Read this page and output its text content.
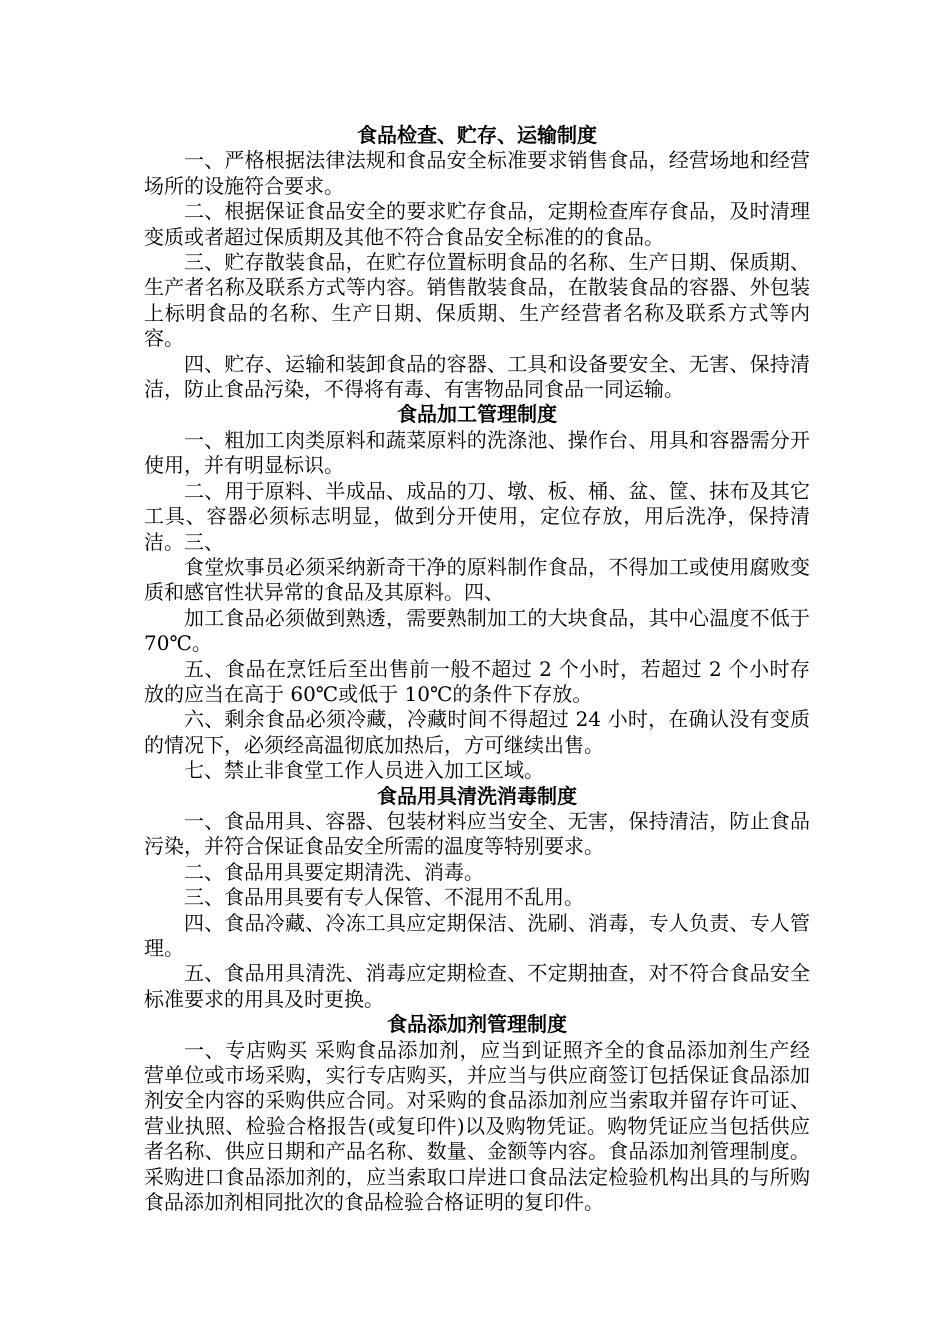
食品检查、贮存、运输制度

一、严格根据法律法规和食品安全标准要求销售食品，经营场地和经营场所的设施符合要求。

二、根据保证食品安全的要求贮存食品，定期检查库存食品，及时清理变质或者超过保质期及其他不符合食品安全标准的的食品。

三、贮存散装食品，在贮存位置标明食品的名称、生产日期、保质期、生产者名称及联系方式等内容。销售散装食品，在散装食品的容器、外包装上标明食品的名称、生产日期、保质期、生产经营者名称及联系方式等内容。

四、贮存、运输和装卸食品的容器、工具和设备要安全、无害、保持清洁，防止食品污染，不得将有毒、有害物品同食品一同运输。

食品加工管理制度

一、粗加工肉类原料和蔬菜原料的洗涤池、操作台、用具和容器需分开使用，并有明显标识。

二、用于原料、半成品、成品的刀、墩、板、桶、盆、筐、抹布及其它工具、容器必须标志明显，做到分开使用，定位存放，用后洗净，保持清洁。三、

食堂炊事员必须采纳新奇干净的原料制作食品，不得加工或使用腐败变质和感官性状异常的食品及其原料。四、

加工食品必须做到熟透，需要熟制加工的大块食品，其中心温度不低于 70℃。

五、食品在烹饪后至出售前一般不超过 2 个小时，若超过 2 个小时存放的应当在高于 60℃或低于 10℃的条件下存放。

六、剩余食品必须冷藏，冷藏时间不得超过 24 小时，在确认没有变质的情况下，必须经高温彻底加热后，方可继续出售。

七、禁止非食堂工作人员进入加工区域。

食品用具清洗消毒制度

一、食品用具、容器、包装材料应当安全、无害，保持清洁，防止食品污染，并符合保证食品安全所需的温度等特别要求。

二、食品用具要定期清洗、消毒。

三、食品用具要有专人保管、不混用不乱用。

四、食品冷藏、冷冻工具应定期保洁、洗刷、消毒，专人负责、专人管理。

五、食品用具清洗、消毒应定期检查、不定期抽查，对不符合食品安全标准要求的用具及时更换。

食品添加剂管理制度

一、专店购买 采购食品添加剂，应当到证照齐全的食品添加剂生产经营单位或市场采购，实行专店购买，并应当与供应商签订包括保证食品添加剂安全内容的采购供应合同。对采购的食品添加剂应当索取并留存许可证、营业执照、检验合格报告(或复印件)以及购物凭证。购物凭证应当包括供应者名称、供应日期和产品名称、数量、金额等内容。食品添加剂管理制度。采购进口食品添加剂的，应当索取口岸进口食品法定检验机构出具的与所购食品添加剂相同批次的食品检验合格证明的复印件。
